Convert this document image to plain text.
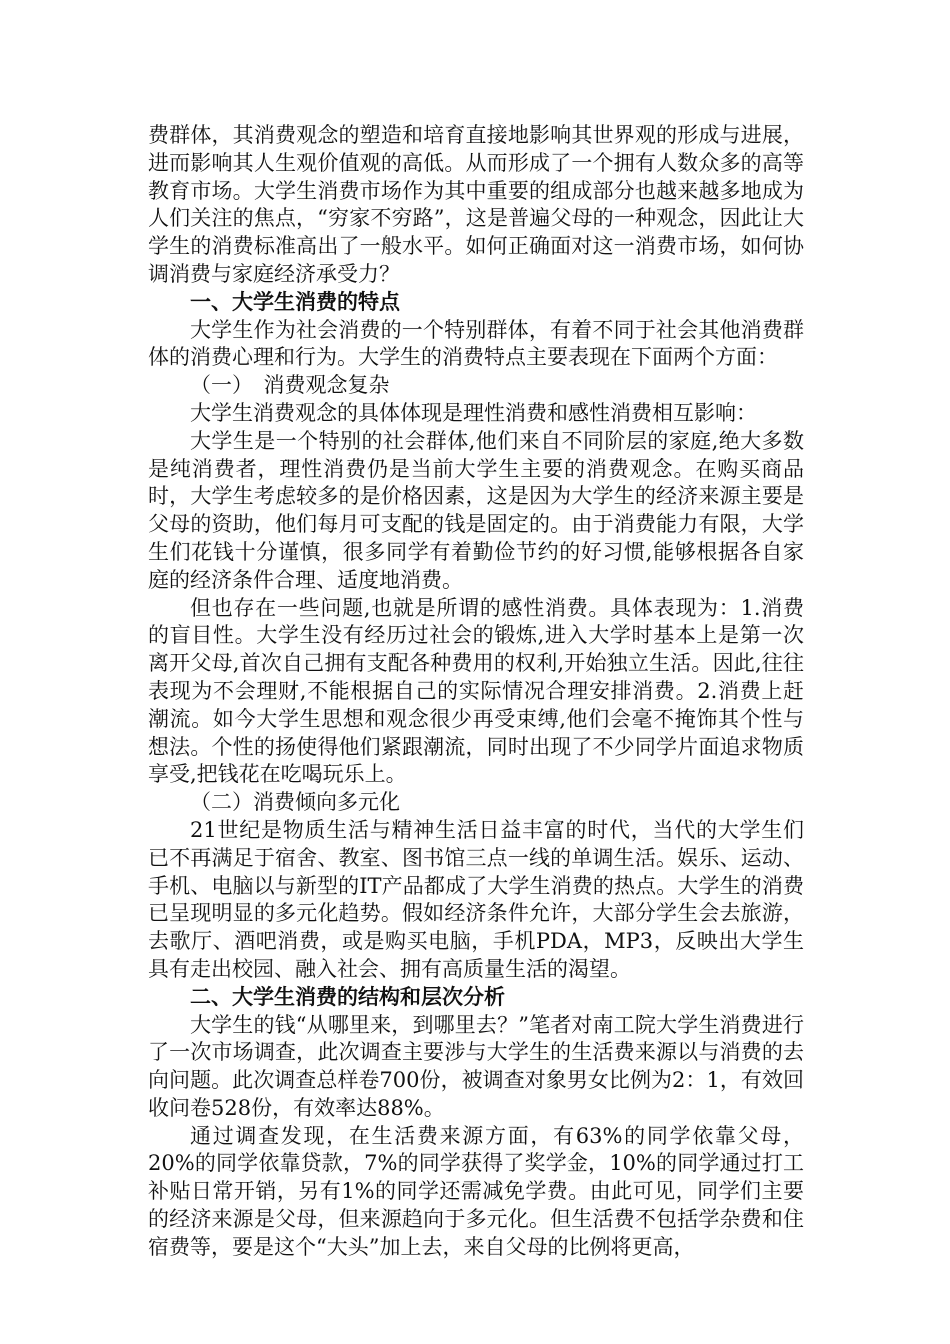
费群体，其消费观念的塑造和培育直接地影响其世界观的形成与进展，进而影响其人生观价值观的高低。从而形成了一个拥有人数众多的高等教育市场。大学生消费市场作为其中重要的组成部分也越来越多地成为人们关注的焦点，“穷家不穷路”，这是普遍父母的一种观念，因此让大学生的消费标准高出了一般水平。如何正确面对这一消费市场，如何协调消费与家庭经济承受力？

一、大学生消费的特点

大学生作为社会消费的一个特别群体，有着不同于社会其他消费群体的消费心理和行为。大学生的消费特点主要表现在下面两个方面：

（一）　消费观念复杂

大学生消费观念的具体体现是理性消费和感性消费相互影响：

大学生是一个特别的社会群体,他们来自不同阶层的家庭,绝大多数是纯消费者，理性消费仍是当前大学生主要的消费观念。在购买商品时，大学生考虑较多的是价格因素，这是因为大学生的经济来源主要是父母的资助，他们每月可支配的钱是固定的。由于消费能力有限，大学生们花钱十分谨慎，很多同学有着勤俭节约的好习惯,能够根据各自家庭的经济条件合理、适度地消费。

但也存在一些问题,也就是所谓的感性消费。具体表现为：1.消费的盲目性。大学生没有经历过社会的锻炼,进入大学时基本上是第一次离开父母,首次自己拥有支配各种费用的权利,开始独立生活。因此,往往表现为不会理财,不能根据自己的实际情况合理安排消费。2.消费上赶潮流。如今大学生思想和观念很少再受束缚,他们会毫不掩饰其个性与想法。个性的扬使得他们紧跟潮流，同时出现了不少同学片面追求物质享受,把钱花在吃喝玩乐上。

（二）消费倾向多元化

21世纪是物质生活与精神生活日益丰富的时代，当代的大学生们已不再满足于宿舍、教室、图书馆三点一线的单调生活。娱乐、运动、手机、电脑以与新型的IT产品都成了大学生消费的热点。大学生的消费已呈现明显的多元化趋势。假如经济条件允许，大部分学生会去旅游，去歌厅、酒吧消费，或是购买电脑，手机PDA，MP3，反映出大学生具有走出校园、融入社会、拥有高质量生活的渴望。

二、大学生消费的结构和层次分析

大学生的钱“从哪里来，到哪里去？”笔者对南工院大学生消费进行了一次市场调查，此次调查主要涉与大学生的生活费来源以与消费的去向问题。此次调查总样卷700份，被调查对象男女比例为2：1，有效回收问卷528份，有效率达88%。

通过调查发现，在生活费来源方面，有63%的同学依靠父母，20%的同学依靠贷款，7%的同学获得了奖学金，10%的同学通过打工补贴日常开销，另有1%的同学还需减免学费。由此可见，同学们主要的经济来源是父母，但来源趋向于多元化。但生活费不包括学杂费和住宿费等，要是这个“大头”加上去，来自父母的比例将更高，
